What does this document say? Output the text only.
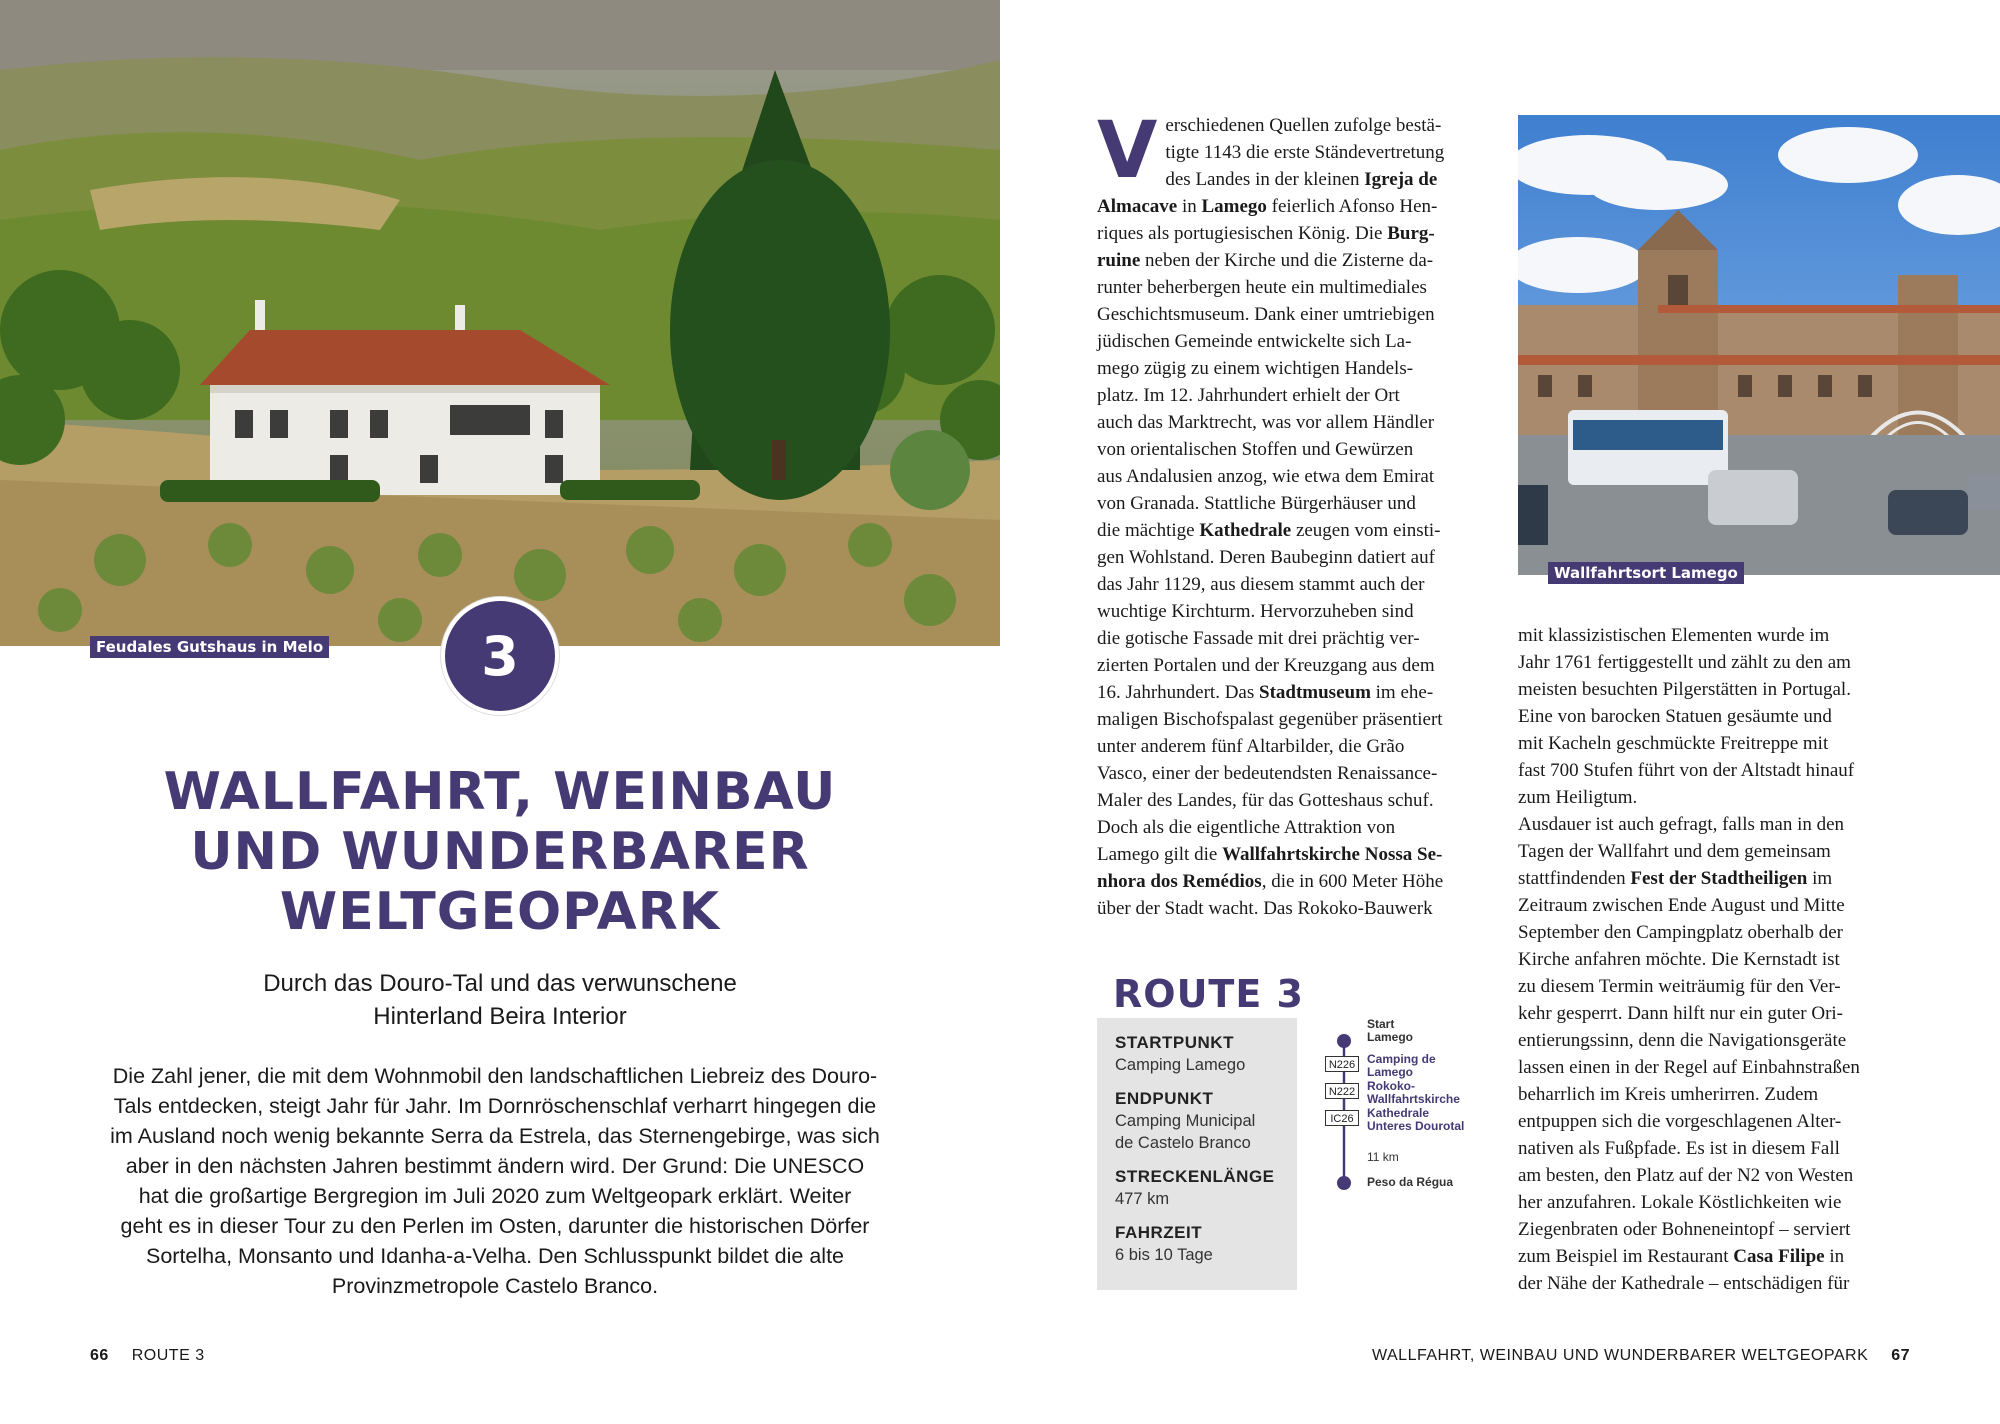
Feudales Gutshaus in Melo	3
WALLFAHRT, WEINBAU
UND WUNDERBARER
WELTGEOPARK
Durch das Douro-Tal und das verwunschene
Hinterland Beira Interior
Die Zahl jener, die mit dem Wohnmobil den landschaftlichen Liebreiz des Douro-
Tals entdecken, steigt Jahr für Jahr. Im Dornröschenschlaf verharrt hingegen die
im Ausland noch wenig bekannte Serra da Estrela, das Sternengebirge, was sich
aber in den nächsten Jahren bestimmt ändern wird. Der Grund: Die UNESCO
hat die großartige Bergregion im Juli 2020 zum Weltgeopark erklärt. Weiter
geht es in dieser Tour zu den Perlen im Osten, darunter die historischen Dörfer
Sortelha, Monsanto und Idanha-a-Velha. Den Schlusspunkt bildet die alte
Provinzmetropole Castelo Branco.
66 ROUTE 3
V erschiedenen Quellen zufolge bestä-
tigte 1143 die erste Ständevertretung
des Landes in der kleinen Igreja de
Almacave in Lamego feierlich Afonso Hen-
riques als portugiesischen König. Die Burg-
ruine neben der Kirche und die Zisterne da-
runter beherbergen heute ein multimediales
Geschichtsmuseum. Dank einer umtriebigen
jüdischen Gemeinde entwickelte sich La-
mego zügig zu einem wichtigen Handels-
platz. Im 12. Jahrhundert erhielt der Ort
auch das Marktrecht, was vor allem Händler
von orientalischen Stoffen und Gewürzen
aus Andalusien anzog, wie etwa dem Emirat
von Granada. Stattliche Bürgerhäuser und
die mächtige Kathedrale zeugen vom einsti-
gen Wohlstand. Deren Baubeginn datiert auf
das Jahr 1129, aus diesem stammt auch der
wuchtige Kirchturm. Hervorzuheben sind
die gotische Fassade mit drei prächtig ver-
zierten Portalen und der Kreuzgang aus dem
16. Jahrhundert. Das Stadtmuseum im ehe-
maligen Bischofspalast gegenüber präsentiert
unter anderem fünf Altarbilder, die Grão
Vasco, einer der bedeutendsten Renaissance-
Maler des Landes, für das Gotteshaus schuf.
Doch als die eigentliche Attraktion von
Lamego gilt die Wallfahrtskirche Nossa Se-
nhora dos Remédios, die in 600 Meter Höhe
über der Stadt wacht. Das Rokoko-Bauwerk
Wallfahrtsort Lamego
mit klassizistischen Elementen wurde im
Jahr 1761 fertiggestellt und zählt zu den am
meisten besuchten Pilgerstätten in Portugal.
Eine von barocken Statuen gesäumte und
mit Kacheln geschmückte Freitreppe mit
fast 700 Stufen führt von der Altstadt hinauf
zum Heiligtum.
Ausdauer ist auch gefragt, falls man in den
Tagen der Wallfahrt und dem gemeinsam
stattfindenden Fest der Stadtheiligen im
Zeitraum zwischen Ende August und Mitte
September den Campingplatz oberhalb der
Kirche anfahren möchte. Die Kernstadt ist
zu diesem Termin weiträumig für den Ver-
kehr gesperrt. Dann hilft nur ein guter Ori-
entierungssinn, denn die Navigationsgeräte
lassen einen in der Regel auf Einbahnstraßen
beharrlich im Kreis umherirren. Zudem
entpuppen sich die vorgeschlagenen Alter-
nativen als Fußpfade. Es ist in diesem Fall
am besten, den Platz auf der N2 von Westen
her anzufahren. Lokale Köstlichkeiten wie
Ziegenbraten oder Bohneneintopf – serviert
zum Beispiel im Restaurant Casa Filipe in
der Nähe der Kathedrale – entschädigen für
ROUTE 3
STARTPUNKT
Camping Lamego
ENDPUNKT
Camping Municipal
de Castelo Branco
STRECKENLÄNGE
477 km
FAHRZEIT
6 bis 10 Tage
Start
Lamego
N226
N222
IC26
Camping de
Lamego
Rokoko-
Wallfahrtskirche
Kathedrale
Unteres Dourotal
11 km
Peso da Régua
WALLFAHRT, WEINBAU UND WUNDERBARER WELTGEOPARK 67
